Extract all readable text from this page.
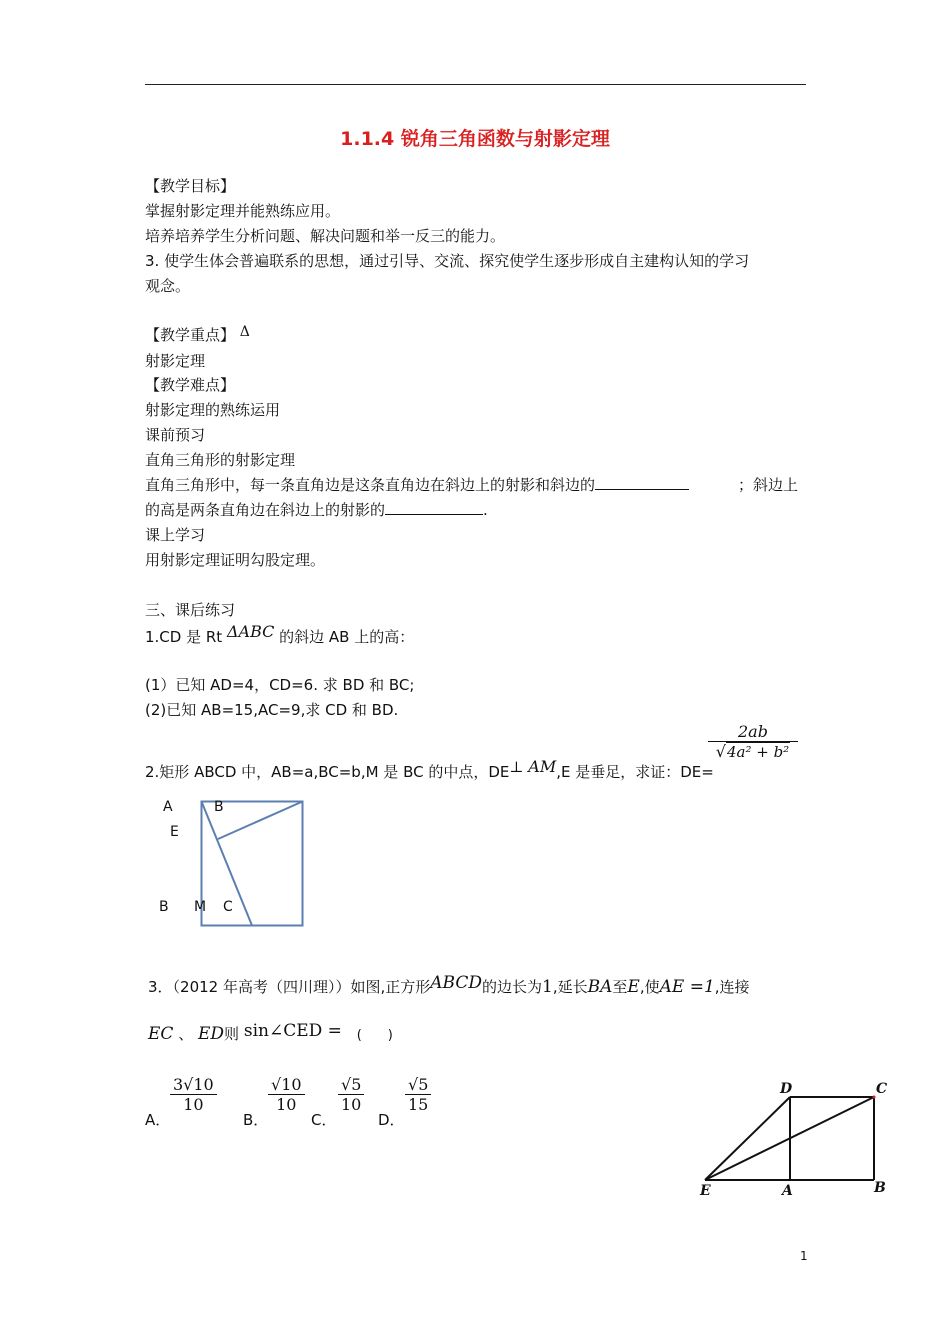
1.1.4 锐角三角函数与射影定理
【教学目标】
掌握射影定理并能熟练应用。
培养培养学生分析问题、解决问题和举一反三的能力。
3. 使学生体会普遍联系的思想，通过引导、交流、探究使学生逐步形成自主建构认知的学习
观念。
【教学重点】 Δ
射影定理
【教学难点】
射影定理的熟练运用
课前预习
直角三角形的射影定理
直角三角形中，每一条直角边是这条直角边在斜边上的射影和斜边的	；斜边上
的高是两条直角边在斜边上的射影的	.
课上学习
用射影定理证明勾股定理。
三、课后练习
1.CD 是 Rt ΔABC 的斜边 AB 上的高：
(1）已知 AD=4，CD=6. 求 BD 和 BC;
(2)已知 AB=15,AC=9,求 CD 和 BD.
2.矩形 ABCD 中，AB=a,BC=b,M 是 BC 的中点，DE⊥ AM,E 是垂足，求证：DE=
$\frac{2ab}{\text{√4a² + b²}}$
A	B
E
B M C
3．（2012 年高考（四川理））如图,正方形ABCD的边长为1,延长BA至E,使AE =1,连接
EC 、 ED则 sin∠CED = (　　)
A．
$\frac{3√10}{10}$
B．
$\frac{√10}{10}$
C．
$\frac{√5}{10}$
D．
$\frac{√5}{15}$	D	C
E	A	B
1
